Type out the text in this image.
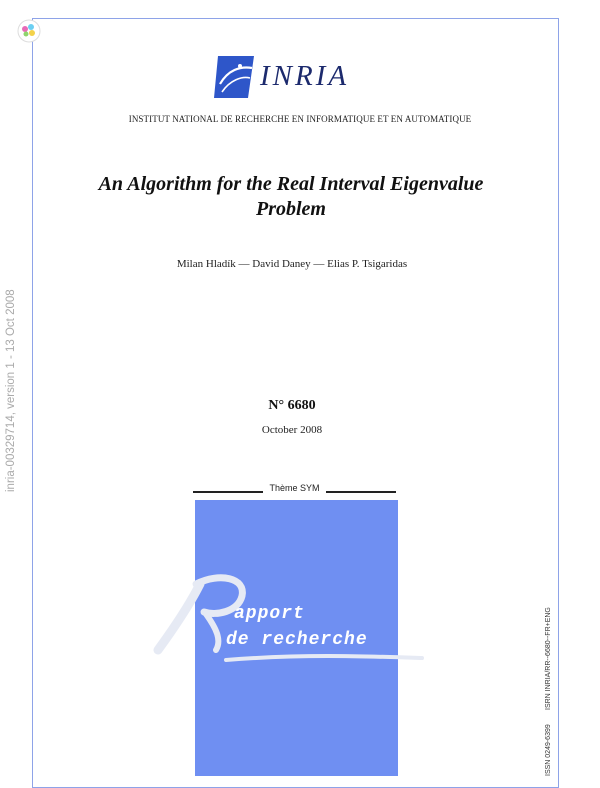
inria-00329714, version 1 - 13 Oct 2008
INRIA
INSTITUT NATIONAL DE RECHERCHE EN INFORMATIQUE ET EN AUTOMATIQUE
An Algorithm for the Real Interval Eigenvalue Problem
Milan Hladík — David Daney — Elias P. Tsigaridas
N° 6680
October 2008
Thème SYM
apport
de recherche	ISRN INRIA/RR--6680--FR+ENG
ISSN 0249-6399
